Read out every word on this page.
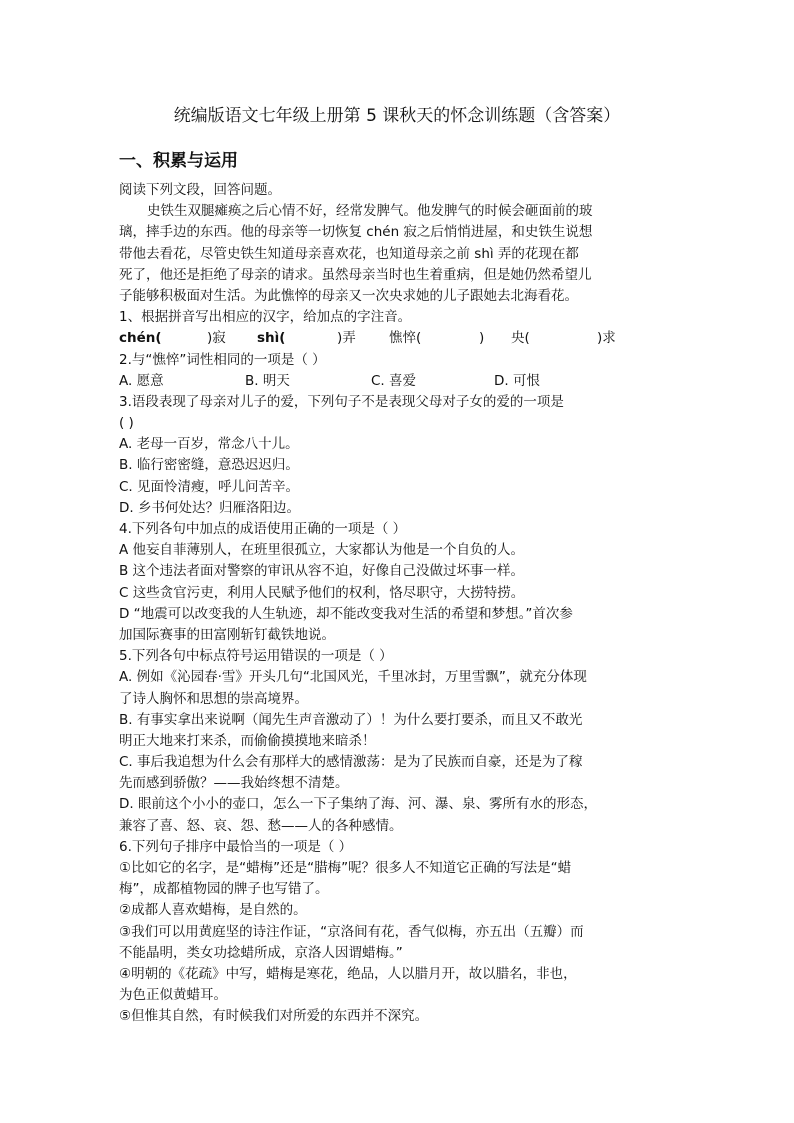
统编版语文七年级上册第 5 课秋天的怀念训练题（含答案）
一、积累与运用
阅读下列文段，回答问题。
史铁生双腿瘫痪之后心情不好，经常发脾气。他发脾气的时候会砸面前的玻
璃，摔手边的东西。他的母亲等一切恢复 chén 寂之后悄悄进屋，和史铁生说想
带他去看花，尽管史铁生知道母亲喜欢花，也知道母亲之前 shì 弄的花现在都
死了，他还是拒绝了母亲的请求。虽然母亲当时也生着重病，但是她仍然希望儿
子能够积极面对生活。为此憔悴的母亲又一次央求她的儿子跟她去北海看花。
1、根据拼音写出相应的汉字，给加点的字注音。
chén(	)寂 shì(	)弄 憔悴(	) 央(	)求
2.与“憔悴”词性相同的一项是（ ）
A. 愿意	B. 明天	C. 喜爱	D. 可恨
3.语段表现了母亲对儿子的爱，下列句子不是表现父母对子女的爱的一项是
( )
A. 老母一百岁，常念八十儿。
B. 临行密密缝，意恐迟迟归。
C. 见面怜清瘦，呼儿问苦辛。
D. 乡书何处达？归雁洛阳边。
4.下列各句中加点的成语使用正确的一项是（ ）
A 他妄自菲薄别人，在班里很孤立，大家都认为他是一个自负的人。
B 这个违法者面对警察的审讯从容不迫，好像自己没做过坏事一样。
C 这些贪官污吏，利用人民赋予他们的权利，恪尽职守，大捞特捞。
D “地震可以改变我的人生轨迹，却不能改变我对生活的希望和梦想。”首次参
加国际赛事的田富刚斩钉截铁地说。
5.下列各句中标点符号运用错误的一项是（ ）
A. 例如《沁园春·雪》开头几句“北国风光，千里冰封，万里雪飘”，就充分体现
了诗人胸怀和思想的崇高境界。
B. 有事实拿出来说啊（闻先生声音激动了）！为什么要打要杀，而且又不敢光
明正大地来打来杀，而偷偷摸摸地来暗杀！
C. 事后我追想为什么会有那样大的感情激荡：是为了民族而自豪，还是为了稼
先而感到骄傲？——我始终想不清楚。
D. 眼前这个小小的壶口，怎么一下子集纳了海、河、瀑、泉、雾所有水的形态，
兼容了喜、怒、哀、怨、愁——人的各种感情。
6.下列句子排序中最恰当的一项是（ ）
①比如它的名字，是“蜡梅”还是“腊梅”呢？很多人不知道它正确的写法是“蜡
梅”，成都植物园的牌子也写错了。
②成都人喜欢蜡梅，是自然的。
③我们可以用黄庭坚的诗注作证，“京洛间有花，香气似梅，亦五出（五瓣）而
不能晶明，类女功捻蜡所成，京洛人因谓蜡梅。”
④明朝的《花疏》中写，蜡梅是寒花，绝品，人以腊月开，故以腊名，非也，
为色正似黄蜡耳。
⑤但惟其自然，有时候我们对所爱的东西并不深究。
